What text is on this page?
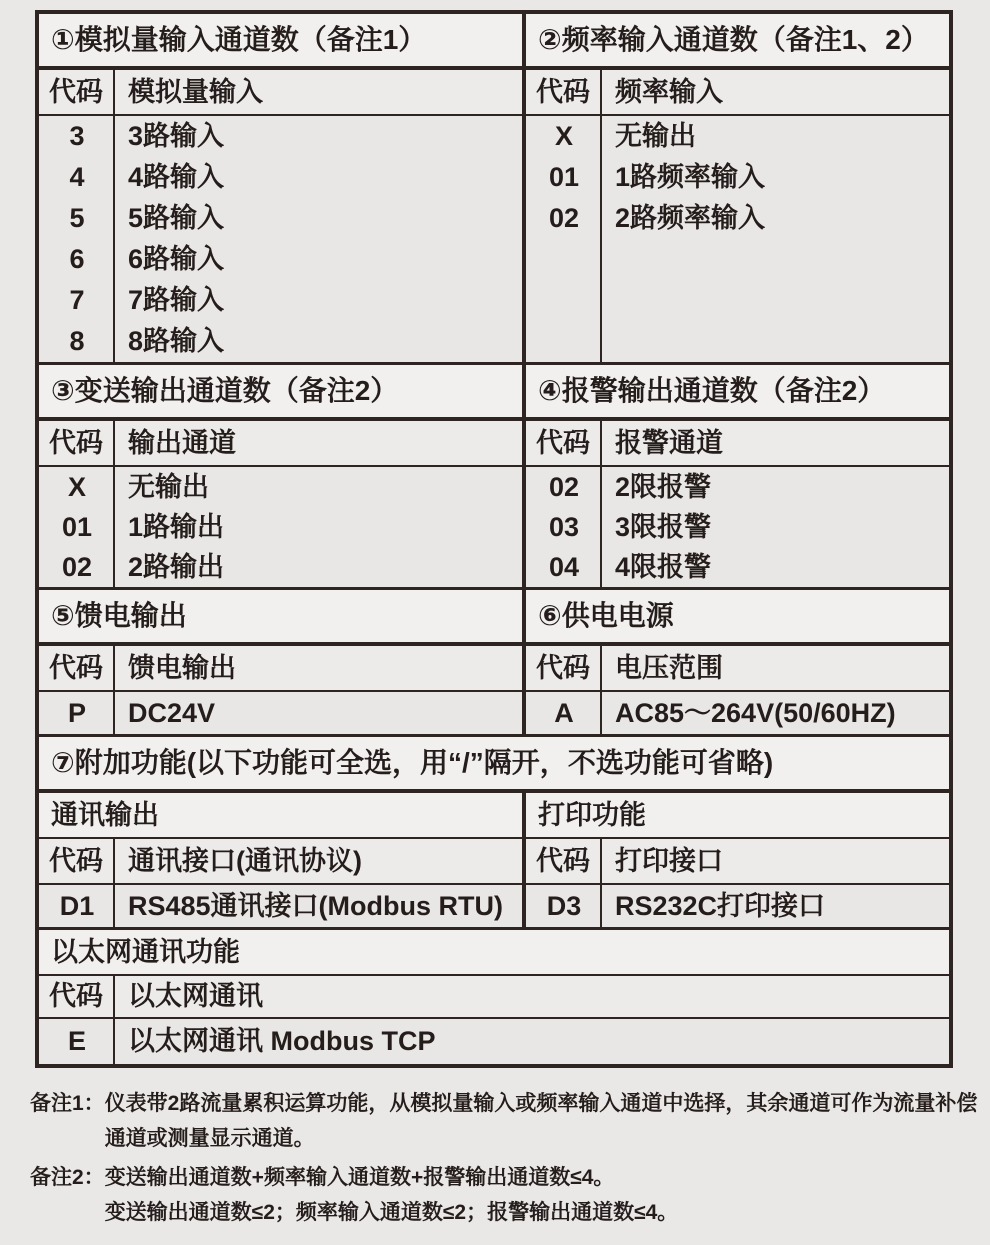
①模拟量输入通道数（备注1）
代码 模拟量输入
3	3路输入
4	4路输入
5	5路输入
6	6路输入
7	7路输入
8	8路输入
②频率输入通道数（备注1、2）
代码 频率输入
X	无输出
01	1路频率输入
02	2路频率输入
③变送输出通道数（备注2）
代码 输出通道
X	无输出
01	1路输出
02	2路输出
④报警输出通道数（备注2）
代码 报警通道
02	2限报警
03	3限报警
04	4限报警
⑤馈电输出
代码 馈电输出
P	DC24V
⑥供电电源
代码 电压范围
A	AC85～264V(50/60HZ)
⑦附加功能(以下功能可全选，用“/”隔开，不选功能可省略)
通讯输出
代码 通讯接口(通讯协议)
D1	RS485通讯接口(Modbus RTU)
打印功能
代码 打印接口
D3	RS232C打印接口
以太网通讯功能
代码 以太网通讯
E	以太网通讯 Modbus TCP
备注1： 仪表带2路流量累积运算功能，从模拟量输入或频率输入通道中选择，其余通道可作为流量补偿
通道或测量显示通道。
备注2： 变送输出通道数+频率输入通道数+报警输出通道数≤4。
变送输出通道数≤2；频率输入通道数≤2；报警输出通道数≤4。
